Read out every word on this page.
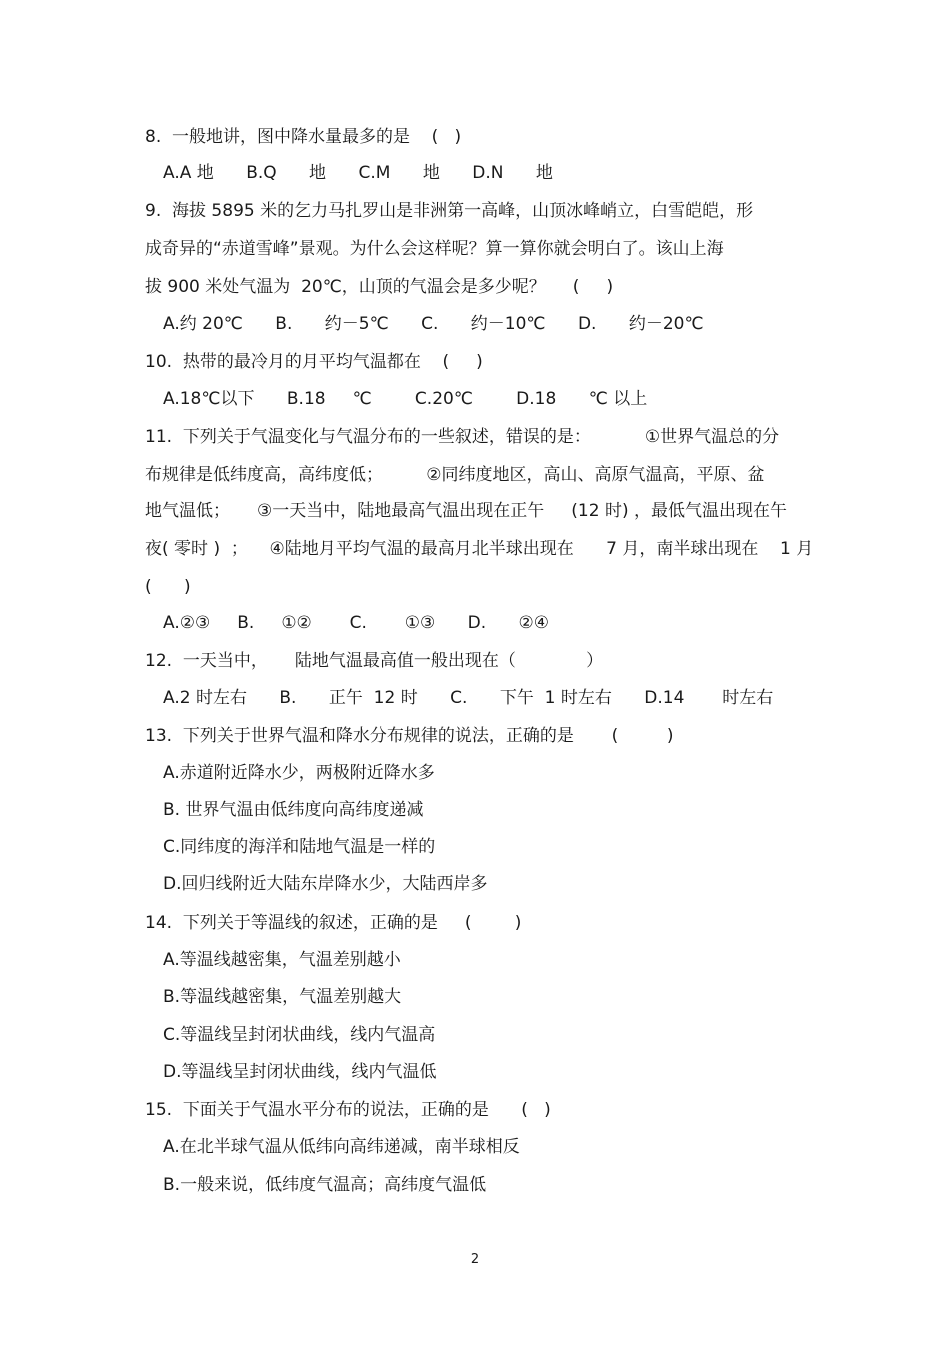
8.  一般地讲，图中降水量最多的是    (   )
A.A 地      B.Q      地      C.M      地      D.N      地
9.  海拔 5895 米的乞力马扎罗山是非洲第一高峰，山顶冰峰峭立，白雪皑皑，形
成奇异的“赤道雪峰”景观。为什么会这样呢？算一算你就会明白了。该山上海
拔 900 米处气温为  20℃，山顶的气温会是多少呢？     (     )
A.约 20℃      B.      约－5℃      C.      约－10℃      D.      约－20℃
10.  热带的最冷月的月平均气温都在    (     )
A.18℃以下      B.18     ℃        C.20℃        D.18      ℃ 以上
11.  下列关于气温变化与气温分布的一些叙述，错误的是：          ①世界气温总的分
布规律是低纬度高，高纬度低；        ②同纬度地区，高山、高原气温高，平原、盆
地气温低；     ③一天当中，陆地最高气温出现在正午     (12 时) ，最低气温出现在午
夜( 零时 )  ；    ④陆地月平均气温的最高月北半球出现在      7 月，南半球出现在    1 月
(      )
A.②③     B.     ①②       C.       ①③      D.      ②④
12.  一天当中，     陆地气温最高值一般出现在（             ）
A.2 时左右      B.      正午  12 时      C.      下午  1 时左右      D.14       时左右
13.  下列关于世界气温和降水分布规律的说法，正确的是       (         )
A.赤道附近降水少，两极附近降水多
B. 世界气温由低纬度向高纬度递减
C.同纬度的海洋和陆地气温是一样的
D.回归线附近大陆东岸降水少，大陆西岸多
14.  下列关于等温线的叙述，正确的是     (        )
A.等温线越密集，气温差别越小
B.等温线越密集，气温差别越大
C.等温线呈封闭状曲线，线内气温高
D.等温线呈封闭状曲线，线内气温低
15.  下面关于气温水平分布的说法，正确的是      (   )
A.在北半球气温从低纬向高纬递减，南半球相反
B.一般来说，低纬度气温高；高纬度气温低
2
